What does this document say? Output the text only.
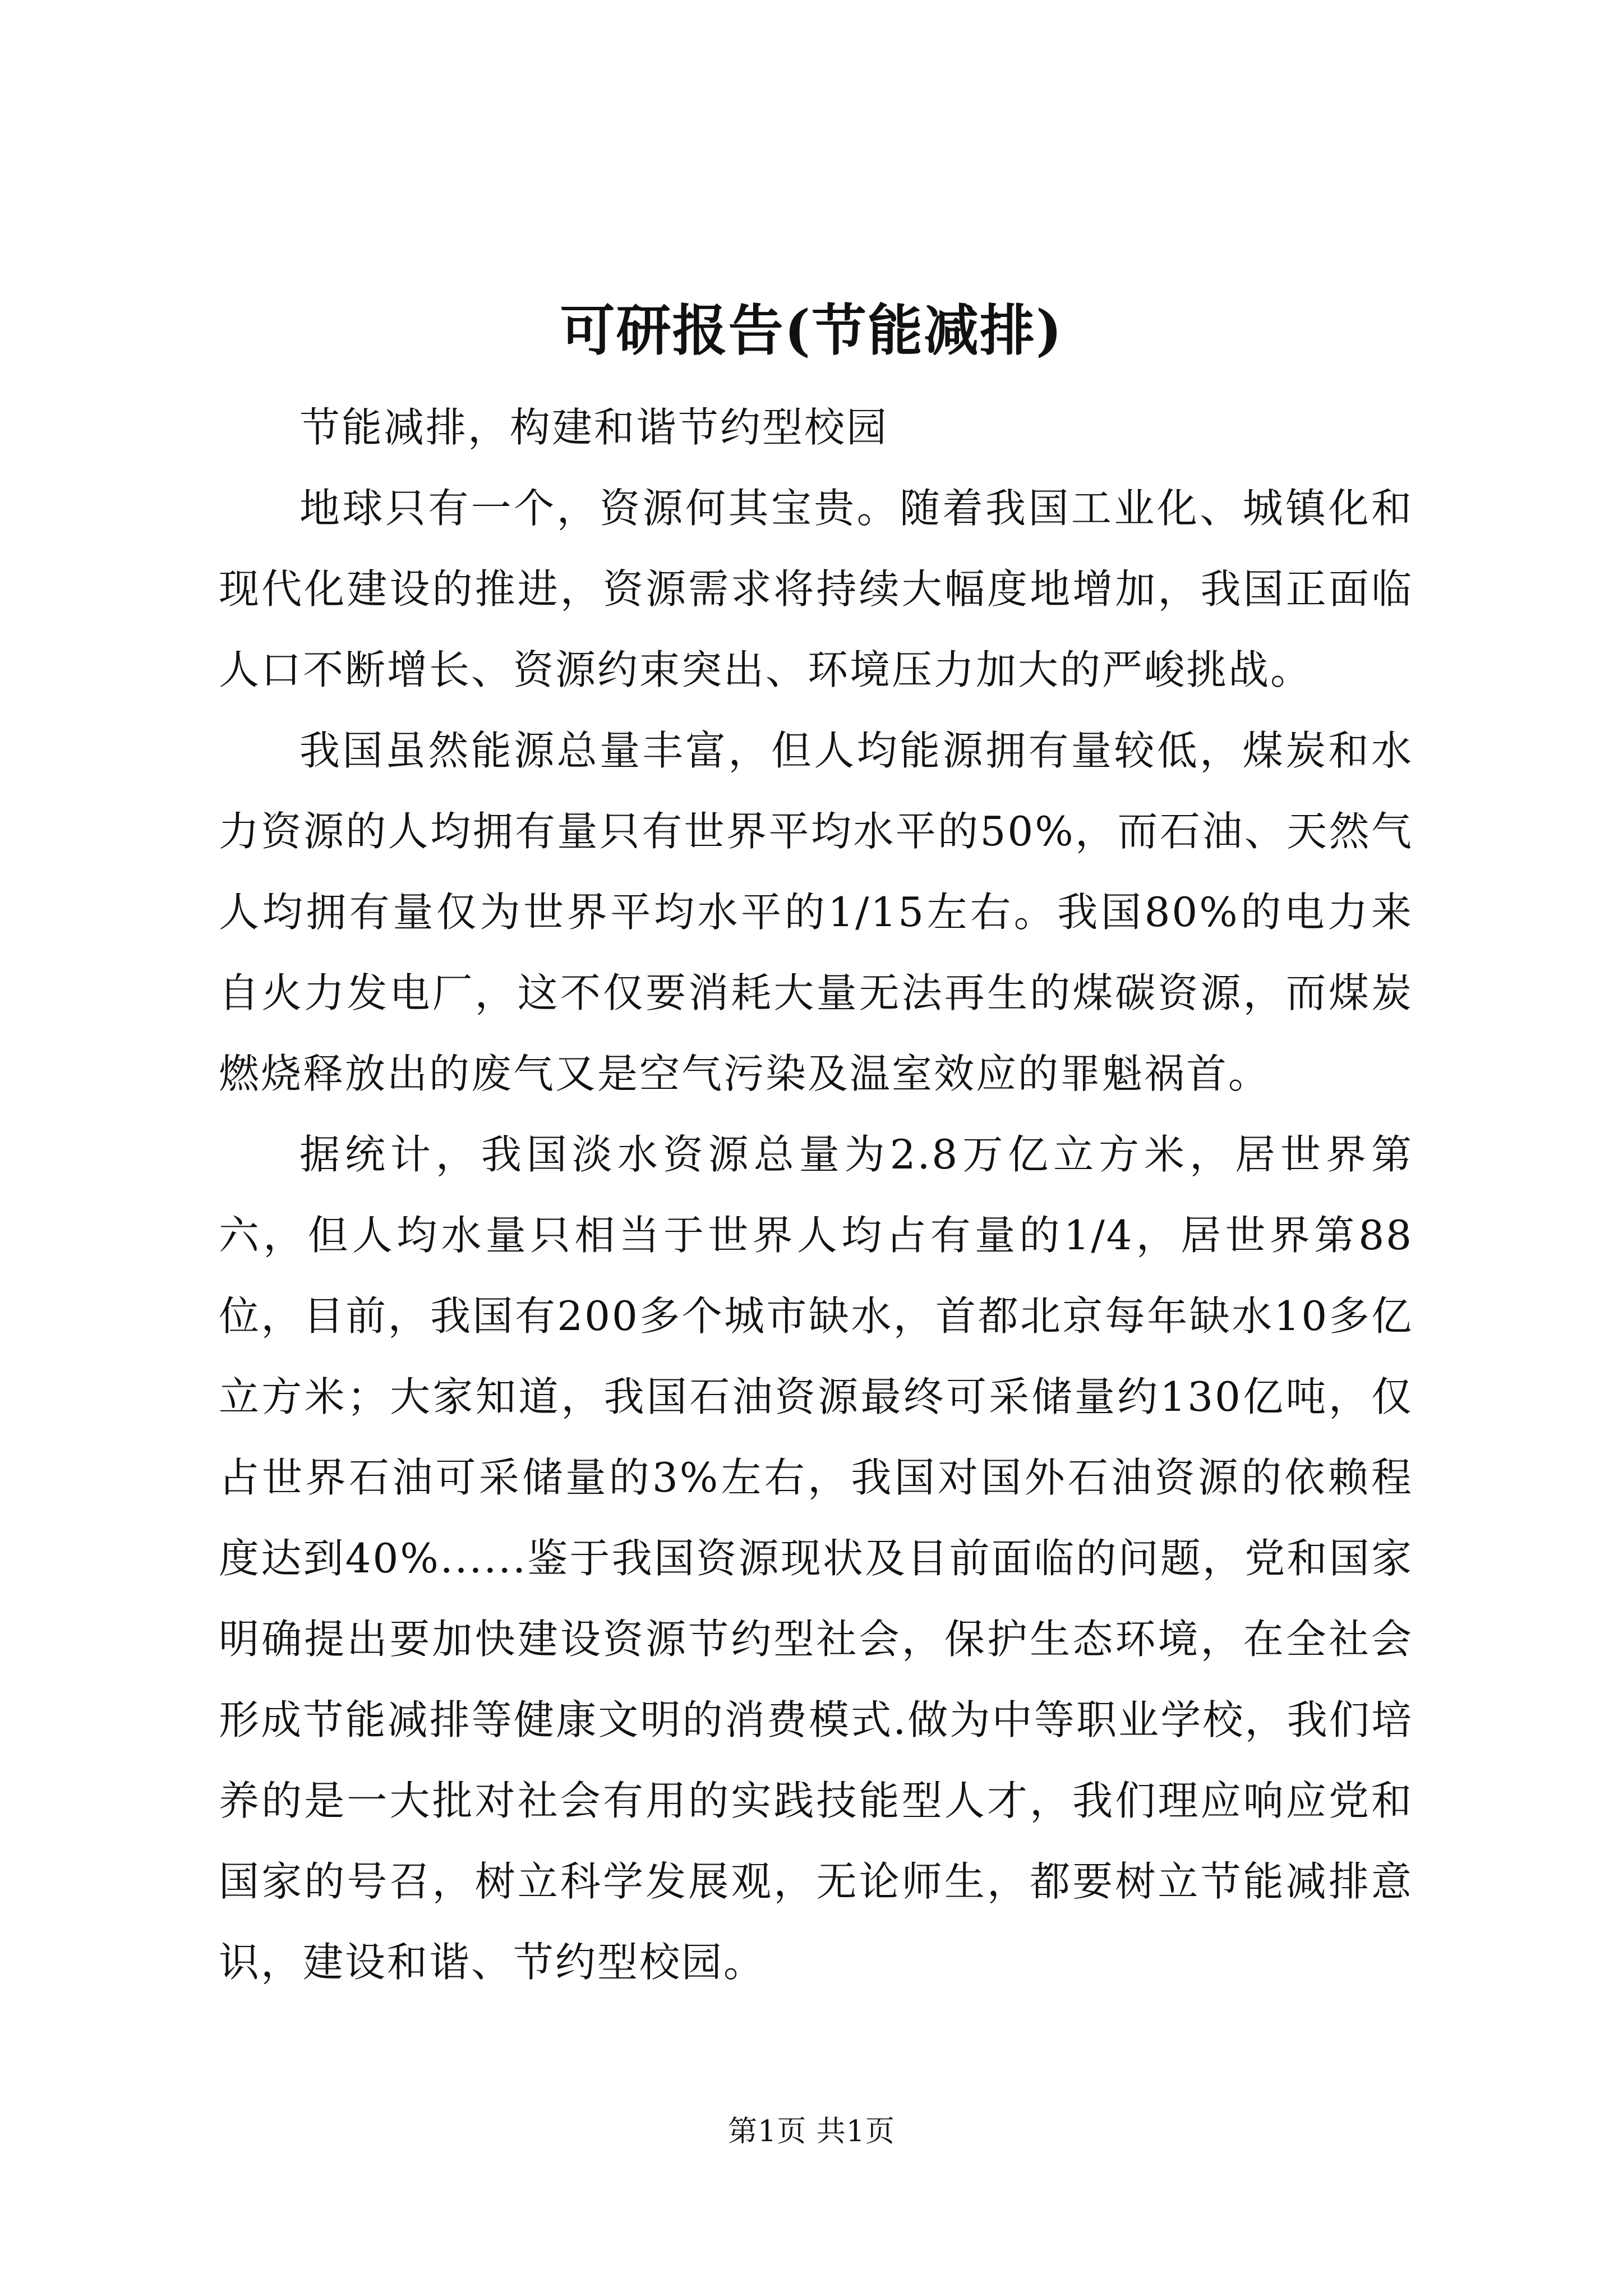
可研报告(节能减排)

节能减排，构建和谐节约型校园

地球只有一个，资源何其宝贵。随着我国工业化、城镇化和现代化建设的推进，资源需求将持续大幅度地增加，我国正面临人口不断增长、资源约束突出、环境压力加大的严峻挑战。

我国虽然能源总量丰富，但人均能源拥有量较低，煤炭和水力资源的人均拥有量只有世界平均水平的50%，而石油、天然气人均拥有量仅为世界平均水平的1/15左右。我国80%的电力来自火力发电厂，这不仅要消耗大量无法再生的煤碳资源，而煤炭燃烧释放出的废气又是空气污染及温室效应的罪魁祸首。

据统计，我国淡水资源总量为2.8万亿立方米，居世界第六，但人均水量只相当于世界人均占有量的1/4，居世界第88位，目前，我国有200多个城市缺水，首都北京每年缺水10多亿立方米；大家知道，我国石油资源最终可采储量约130亿吨，仅占世界石油可采储量的3%左右，我国对国外石油资源的依赖程度达到40%......鉴于我国资源现状及目前面临的问题，党和国家明确提出要加快建设资源节约型社会，保护生态环境，在全社会形成节能减排等健康文明的消费模式.做为中等职业学校，我们培养的是一大批对社会有用的实践技能型人才，我们理应响应党和国家的号召，树立科学发展观，无论师生，都要树立节能减排意识，建设和谐、节约型校园。

第1页 共1页
